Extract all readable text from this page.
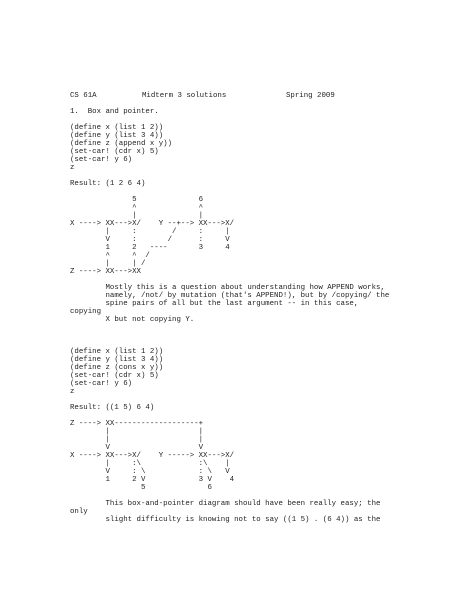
CS 61A	Midterm 3 solutions	Spring 2009
1.  Box and pointer.
(define x (list 1 2))
(define y (list 3 4))
(define z (append x y))
(set-car! (cdr x) 5)
(set-car! y 6)
z
Result: (1 2 6 4)
5              6
^              ^
|              |
X ----> XX--->X/    Y --+--> XX--->X/
|     :        /     :     |
V     :       /      :     V
1     2   ----       3     4
^     ^  /
|     | /
Z ----> XX--->XX
Mostly this is a question about understanding how APPEND works,
namely, /not/ by mutation (that's APPEND!), but by /copying/ the
spine pairs of all but the last argument -- in this case,
copying
X but not copying Y.
(define x (list 1 2))
(define y (list 3 4))
(define z (cons x y))
(set-car! (cdr x) 5)
(set-car! y 6)
z
Result: ((1 5) 6 4)
Z ----> XX-------------------+
|                    |
|                    |
V                    V
X ----> XX--->X/    Y -----> XX--->X/
|     :\             :\    |
V     : \            : \   V
1     2 V            3 V    4
5              6
This box-and-pointer diagram should have been really easy; the
only
slight difficulty is knowing not to say ((1 5) . (6 4)) as the
